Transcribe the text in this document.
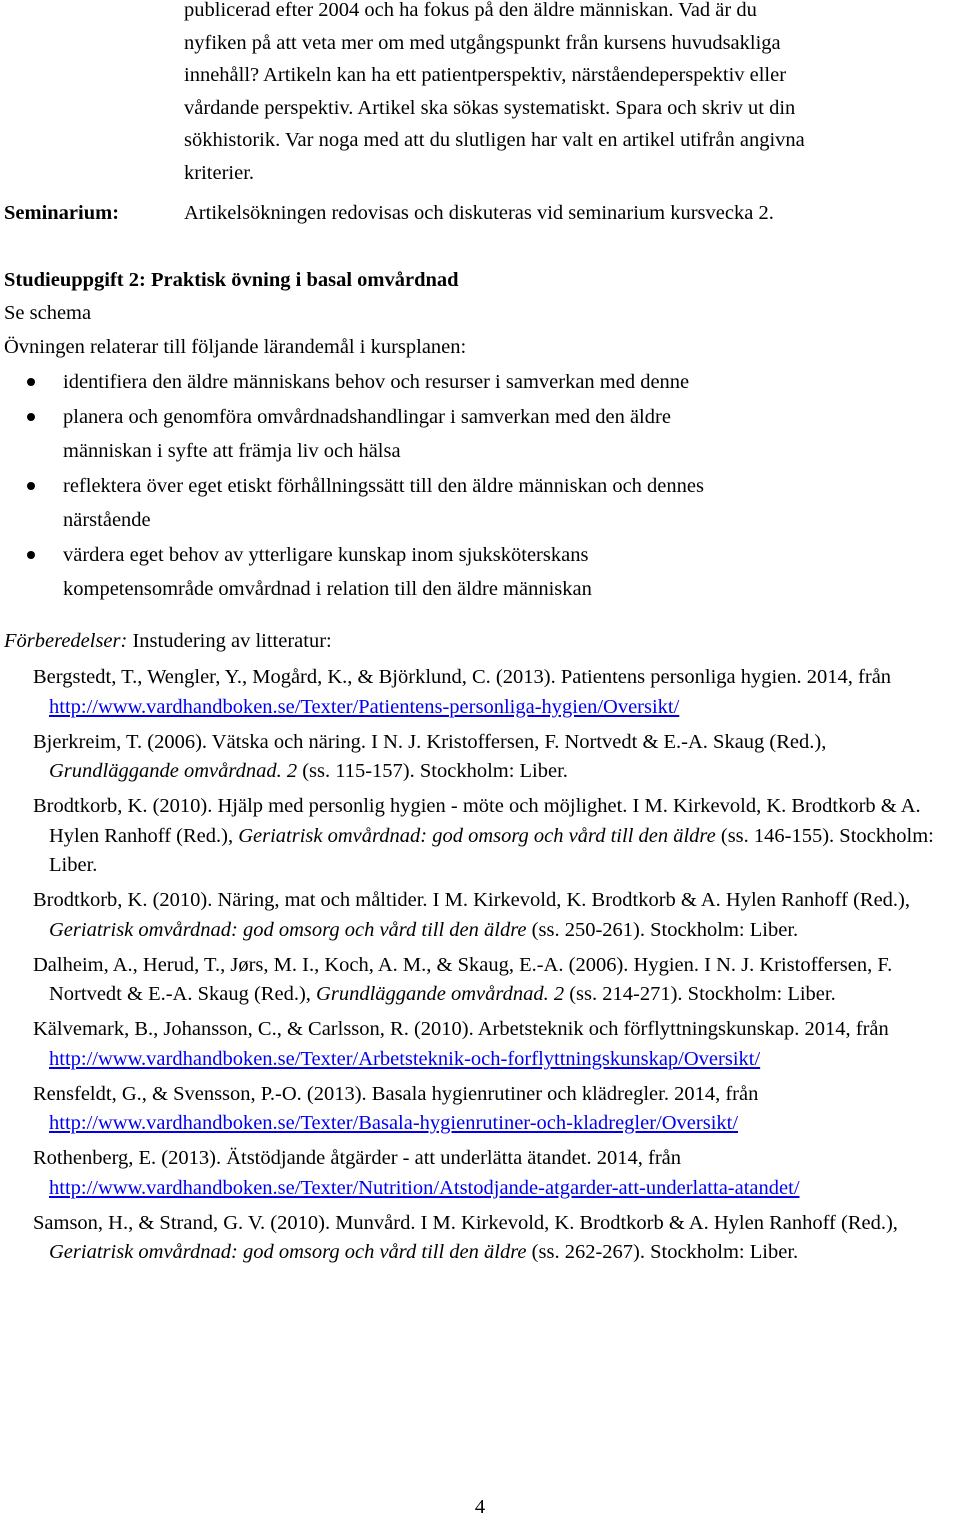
publicerad efter 2004 och ha fokus på den äldre människan. Vad är du
nyfiken på att veta mer om med utgångspunkt från kursens huvudsakliga
innehåll? Artikeln kan ha ett patientperspektiv, närståendeperspektiv eller
vårdande perspektiv. Artikel ska sökas systematiskt. Spara och skriv ut din
sökhistorik. Var noga med att du slutligen har valt en artikel utifrån angivna
kriterier.

Seminarium:	Artikelsökningen redovisas och diskuteras vid seminarium kursvecka 2.
Studieuppgift 2: Praktisk övning i basal omvårdnad
Se schema
Övningen relaterar till följande lärandemål i kursplanen:
identifiera den äldre människans behov och resurser i samverkan med denne
planera och genomföra omvårdnadshandlingar i samverkan med den äldre
människan i syfte att främja liv och hälsa
reflektera över eget etiskt förhållningssätt till den äldre människan och dennes
närstående
värdera eget behov av ytterligare kunskap inom sjuksköterskans
kompetensområde omvårdnad i relation till den äldre människan
Förberedelser: Instudering av litteratur:
Bergstedt, T., Wengler, Y., Mogård, K., & Björklund, C. (2013). Patientens personliga hygien. 2014, från http://www.vardhandboken.se/Texter/Patientens-personliga-hygien/Oversikt/
Bjerkreim, T. (2006). Vätska och näring. I N. J. Kristoffersen, F. Nortvedt & E.-A. Skaug (Red.), Grundläggande omvårdnad. 2 (ss. 115-157). Stockholm: Liber.
Brodtkorb, K. (2010). Hjälp med personlig hygien - möte och möjlighet. I M. Kirkevold, K. Brodtkorb & A. Hylen Ranhoff (Red.), Geriatrisk omvårdnad: god omsorg och vård till den äldre (ss. 146-155). Stockholm: Liber.
Brodtkorb, K. (2010). Näring, mat och måltider. I M. Kirkevold, K. Brodtkorb & A. Hylen Ranhoff (Red.), Geriatrisk omvårdnad: god omsorg och vård till den äldre (ss. 250-261). Stockholm: Liber.
Dalheim, A., Herud, T., Jørs, M. I., Koch, A. M., & Skaug, E.-A. (2006). Hygien. I N. J. Kristoffersen, F. Nortvedt & E.-A. Skaug (Red.), Grundläggande omvårdnad. 2 (ss. 214-271). Stockholm: Liber.
Kälvemark, B., Johansson, C., & Carlsson, R. (2010). Arbetsteknik och förflyttningskunskap. 2014, från http://www.vardhandboken.se/Texter/Arbetsteknik-och-forflyttningskunskap/Oversikt/
Rensfeldt, G., & Svensson, P.-O. (2013). Basala hygienrutiner och klädregler. 2014, från http://www.vardhandboken.se/Texter/Basala-hygienrutiner-och-kladregler/Oversikt/
Rothenberg, E. (2013). Ätstödjande åtgärder - att underlätta ätandet. 2014, från http://www.vardhandboken.se/Texter/Nutrition/Atstodjande-atgarder-att-underlatta-atandet/
Samson, H., & Strand, G. V. (2010). Munvård. I M. Kirkevold, K. Brodtkorb & A. Hylen Ranhoff (Red.), Geriatrisk omvårdnad: god omsorg och vård till den äldre (ss. 262-267). Stockholm: Liber.
4
